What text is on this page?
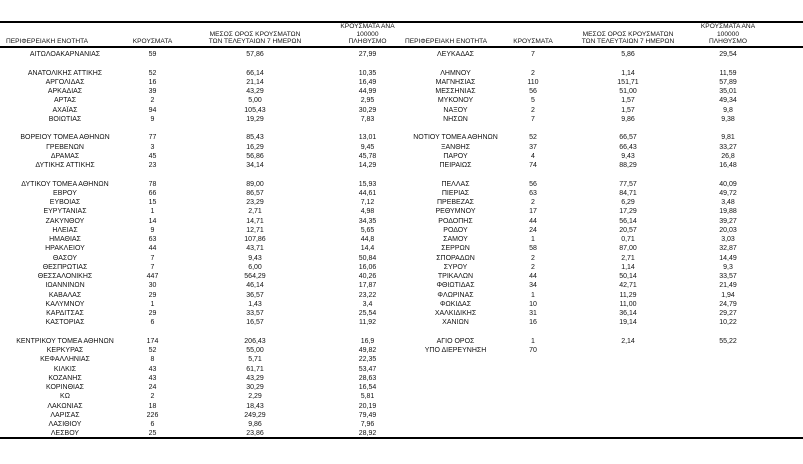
ΠΕΡΙΦΕΡΕΙΑΚΗ ΕΝΟΤΗΤΑ	ΚΡΟΥΣΜΑΤΑ
ΜΕΣΟΣ ΟΡΟΣ ΚΡΟΥΣΜΑΤΩΝ
ΤΩΝ ΤΕΛΕΥΤΑΙΩΝ 7 ΗΜΕΡΩΝ
ΚΡΟΥΣΜΑΤΑ ΑΝΑ 100000
ΠΛΗΘΥΣΜΟ
ΑΙΤΩΛΟΑΚΑΡΝΑΝΙΑΣ	59	57,86	27,99
ΑΝΑΤΟΛΙΚΗΣ ΑΤΤΙΚΗΣ	52	66,14	10,35
ΑΡΓΟΛΙΔΑΣ	16	21,14	16,49
ΑΡΚΑΔΙΑΣ	39	43,29	44,99
ΑΡΤΑΣ	2	5,00	2,95
ΑΧΑΪΑΣ	94	105,43	30,29
ΒΟΙΩΤΙΑΣ	9	19,29	7,83
ΒΟΡΕΙΟΥ ΤΟΜΕΑ ΑΘΗΝΩΝ	77	85,43	13,01
ΓΡΕΒΕΝΩΝ	3	16,29	9,45
ΔΡΑΜΑΣ	45	56,86	45,78
ΔΥΤΙΚΗΣ ΑΤΤΙΚΗΣ	23	34,14	14,29
ΔΥΤΙΚΟΥ ΤΟΜΕΑ ΑΘΗΝΩΝ	78	89,00	15,93
ΕΒΡΟΥ	66	86,57	44,61
ΕΥΒΟΙΑΣ	15	23,29	7,12
ΕΥΡΥΤΑΝΙΑΣ	1	2,71	4,98
ΖΑΚΥΝΘΟΥ	14	14,71	34,35
ΗΛΕΙΑΣ	9	12,71	5,65
ΗΜΑΘΙΑΣ	63	107,86	44,8
ΗΡΑΚΛΕΙΟΥ	44	43,71	14,4
ΘΑΣΟΥ	7	9,43	50,84
ΘΕΣΠΡΩΤΙΑΣ	7	6,00	16,06
ΘΕΣΣΑΛΟΝΙΚΗΣ	447	564,29	40,26
ΙΩΑΝΝΙΝΩΝ	30	46,14	17,87
ΚΑΒΑΛΑΣ	29	36,57	23,22
ΚΑΛΥΜΝΟΥ	1	1,43	3,4
ΚΑΡΔΙΤΣΑΣ	29	33,57	25,54
ΚΑΣΤΟΡΙΑΣ	6	16,57	11,92
ΚΕΝΤΡΙΚΟΥ ΤΟΜΕΑ ΑΘΗΝΩΝ	174	206,43	16,9
ΚΕΡΚΥΡΑΣ	52	55,00	49,82
ΚΕΦΑΛΛΗΝΙΑΣ	8	5,71	22,35
ΚΙΛΚΙΣ	43	61,71	53,47
ΚΟΖΑΝΗΣ	43	43,29	28,63
ΚΟΡΙΝΘΙΑΣ	24	30,29	16,54
ΚΩ	2	2,29	5,81
ΛΑΚΩΝΙΑΣ	18	18,43	20,19
ΛΑΡΙΣΑΣ	226	249,29	79,49
ΛΑΣΙΘΙΟΥ	6	9,86	7,96
ΛΕΣΒΟΥ	25	23,86	28,92
ΠΕΡΙΦΕΡΕΙΑΚΗ ΕΝΟΤΗΤΑ	ΚΡΟΥΣΜΑΤΑ
ΜΕΣΟΣ ΟΡΟΣ ΚΡΟΥΣΜΑΤΩΝ
ΤΩΝ ΤΕΛΕΥΤΑΙΩΝ 7 ΗΜΕΡΩΝ
ΚΡΟΥΣΜΑΤΑ ΑΝΑ 100000
ΠΛΗΘΥΣΜΟ
ΛΕΥΚΑΔΑΣ	7	5,86	29,54
ΛΗΜΝΟΥ	2	1,14	11,59
ΜΑΓΝΗΣΙΑΣ	110	151,71	57,89
ΜΕΣΣΗΝΙΑΣ	56	51,00	35,01
ΜΥΚΟΝΟΥ	5	1,57	49,34
ΝΑΞΟΥ	2	1,57	9,8
ΝΗΣΩΝ	7	9,86	9,38
ΝΟΤΙΟΥ ΤΟΜΕΑ ΑΘΗΝΩΝ	52	66,57	9,81
ΞΑΝΘΗΣ	37	66,43	33,27
ΠΑΡΟΥ	4	9,43	26,8
ΠΕΙΡΑΙΩΣ	74	88,29	16,48
ΠΕΛΛΑΣ	56	77,57	40,09
ΠΙΕΡΙΑΣ	63	84,71	49,72
ΠΡΕΒΕΖΑΣ	2	6,29	3,48
ΡΕΘΥΜΝΟΥ	17	17,29	19,88
ΡΟΔΟΠΗΣ	44	56,14	39,27
ΡΟΔΟΥ	24	20,57	20,03
ΣΑΜΟΥ	1	0,71	3,03
ΣΕΡΡΩΝ	58	87,00	32,87
ΣΠΟΡΑΔΩΝ	2	2,71	14,49
ΣΥΡΟΥ	2	1,14	9,3
ΤΡΙΚΑΛΩΝ	44	50,14	33,57
ΦΘΙΩΤΙΔΑΣ	34	42,71	21,49
ΦΛΩΡΙΝΑΣ	1	11,29	1,94
ΦΩΚΙΔΑΣ	10	11,00	24,79
ΧΑΛΚΙΔΙΚΗΣ	31	36,14	29,27
ΧΑΝΙΩΝ	16	19,14	10,22
ΑΓΙΟ ΟΡΟΣ	1	2,14	55,22
ΥΠΟ ΔΙΕΡΕΥΝΗΣΗ	70
